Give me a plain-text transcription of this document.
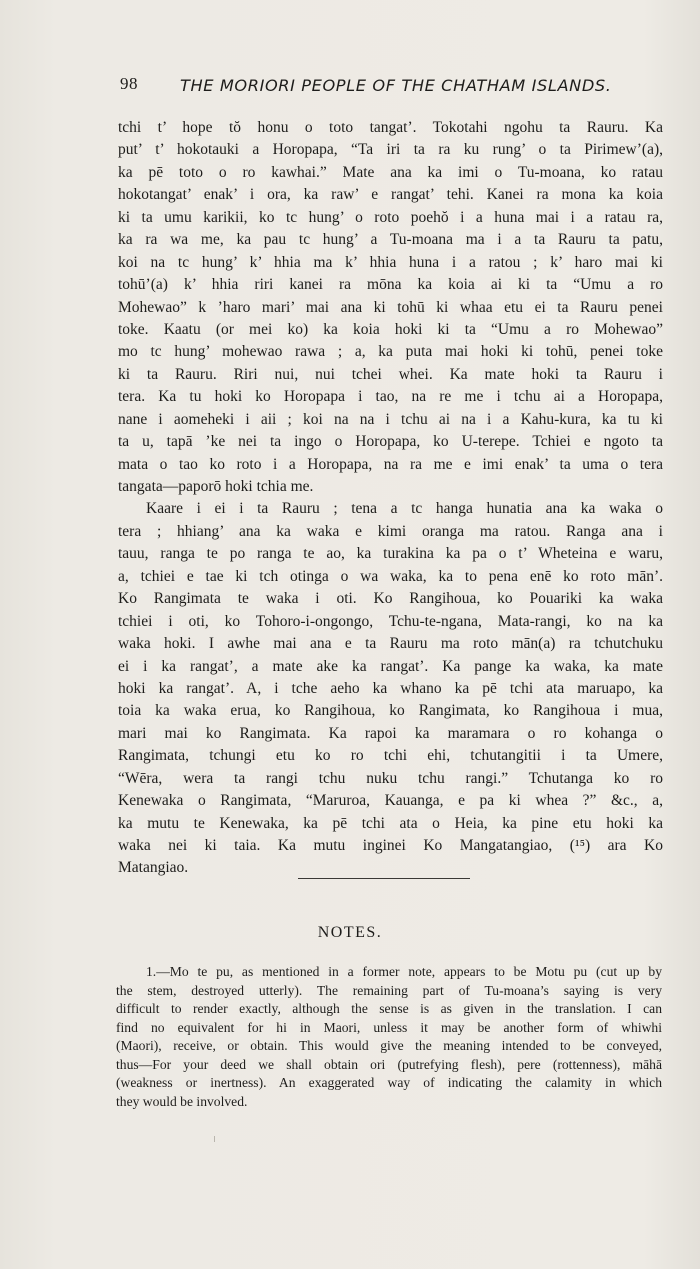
98	THE MORIORI PEOPLE OF THE CHATHAM ISLANDS.
tchi t’ hope tŏ honu o toto tangat’. Tokotahi ngohu ta Rauru. Ka
put’ t’ hokotauki a Horopapa, “Ta iri ta ra ku rung’ o ta Pirimew’(a),
ka pē toto o ro kawhai.” Mate ana ka imi o Tu-moana, ko ratau
hokotangat’ enak’ i ora, ka raw’ e rangat’ tehi. Kanei ra mona ka koia
ki ta umu karikii, ko tc hung’ o roto poehŏ i a huna mai i a ratau ra,
ka ra wa me, ka pau tc hung’ a Tu-moana ma i a ta Rauru ta patu,
koi na tc hung’ k’ hhia ma k’ hhia huna i a ratou ; k’ haro mai ki
tohū’(a) k’ hhia riri kanei ra mōna ka koia ai ki ta “Umu a ro
Mohewao” k ’haro mari’ mai ana ki tohū ki whaa etu ei ta Rauru penei
toke. Kaatu (or mei ko) ka koia hoki ki ta “Umu a ro Mohewao”
mo tc hung’ mohewao rawa ; a, ka puta mai hoki ki tohū, penei toke
ki ta Rauru. Riri nui, nui tchei whei. Ka mate hoki ta Rauru i
tera. Ka tu hoki ko Horopapa i tao, na re me i tchu ai a Horopapa,
nane i aomeheki i aii ; koi na na i tchu ai na i a Kahu-kura, ka tu ki
ta u, tapā ’ke nei ta ingo o Horopapa, ko U-terepe. Tchiei e ngoto ta
mata o tao ko roto i a Horopapa, na ra me e imi enak’ ta uma o tera
tangata—paporō hoki tchia me.
Kaare i ei i ta Rauru ; tena a tc hanga hunatia ana ka waka o
tera ; hhiang’ ana ka waka e kimi oranga ma ratou. Ranga ana i
tauu, ranga te po ranga te ao, ka turakina ka pa o t’ Wheteina e waru,
a, tchiei e tae ki tch otinga o wa waka, ka to pena enē ko roto mān’.
Ko Rangimata te waka i oti. Ko Rangihoua, ko Pouariki ka waka
tchiei i oti, ko Tohoro-i-ongongo, Tchu-te-ngana, Mata-rangi, ko na ka
waka hoki. I awhe mai ana e ta Rauru ma roto mān(a) ra tchutchuku
ei i ka rangat’, a mate ake ka rangat’. Ka pange ka waka, ka mate
hoki ka rangat’. A, i tche aeho ka whano ka pē tchi ata maruapo, ka
toia ka waka erua, ko Rangihoua, ko Rangimata, ko Rangihoua i mua,
mari mai ko Rangimata. Ka rapoi ka maramara o ro kohanga o
Rangimata, tchungi etu ko ro tchi ehi, tchutangitii i ta Umere,
“Wēra, wera ta rangi tchu nuku tchu rangi.” Tchutanga ko ro
Kenewaka o Rangimata, “Maruroa, Kauanga, e pa ki whea ?” &c., a,
ka mutu te Kenewaka, ka pē tchi ata o Heia, ka pine etu hoki ka
waka nei ki taia. Ka mutu inginei Ko Mangatangiao, (¹⁵) ara Ko
Matangiao.
NOTES.
1.—Mo te pu, as mentioned in a former note, appears to be Motu pu (cut up by
the stem, destroyed utterly). The remaining part of Tu-moana’s saying is very
difficult to render exactly, although the sense is as given in the translation. I can
find no equivalent for hi in Maori, unless it may be another form of whiwhi
(Maori), receive, or obtain. This would give the meaning intended to be conveyed,
thus—For your deed we shall obtain ori (putrefying flesh), pere (rottenness), māhā
(weakness or inertness). An exaggerated way of indicating the calamity in which
they would be involved.
